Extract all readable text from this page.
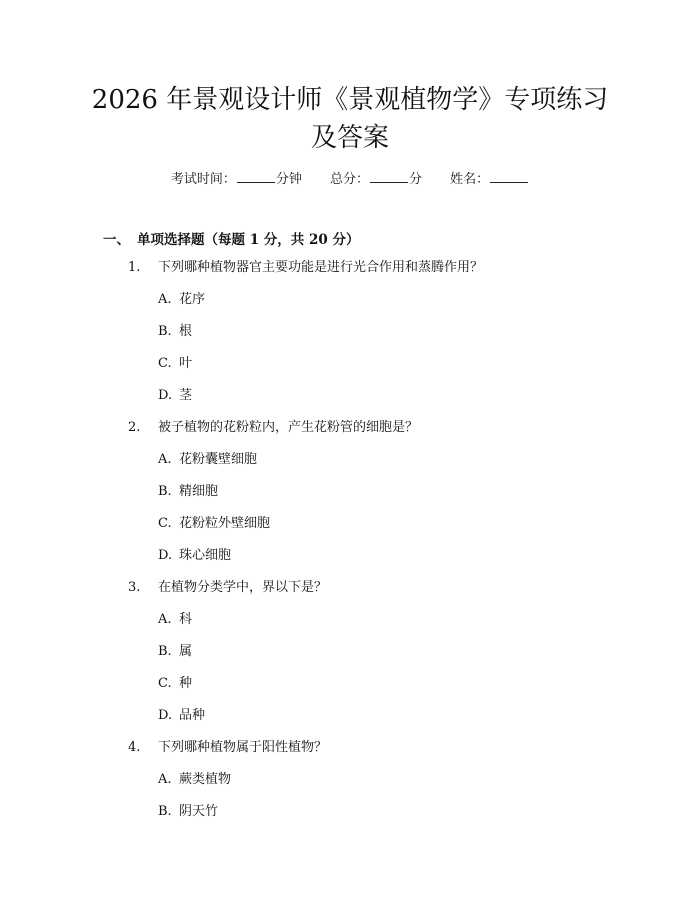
2026 年景观设计师《景观植物学》专项练习
及答案
考试时间：	分钟 总分：	分 姓名：
一、 单项选择题（每题 1 分，共 20 分）
1. 下列哪种植物器官主要功能是进行光合作用和蒸腾作用？
A. 花序
B. 根
C. 叶
D. 茎
2. 被子植物的花粉粒内，产生花粉管的细胞是？
A. 花粉囊壁细胞
B. 精细胞
C. 花粉粒外壁细胞
D. 珠心细胞
3. 在植物分类学中，界以下是？
A. 科
B. 属
C. 种
D. 品种
4. 下列哪种植物属于阳性植物？
A. 蕨类植物
B. 阴天竹
